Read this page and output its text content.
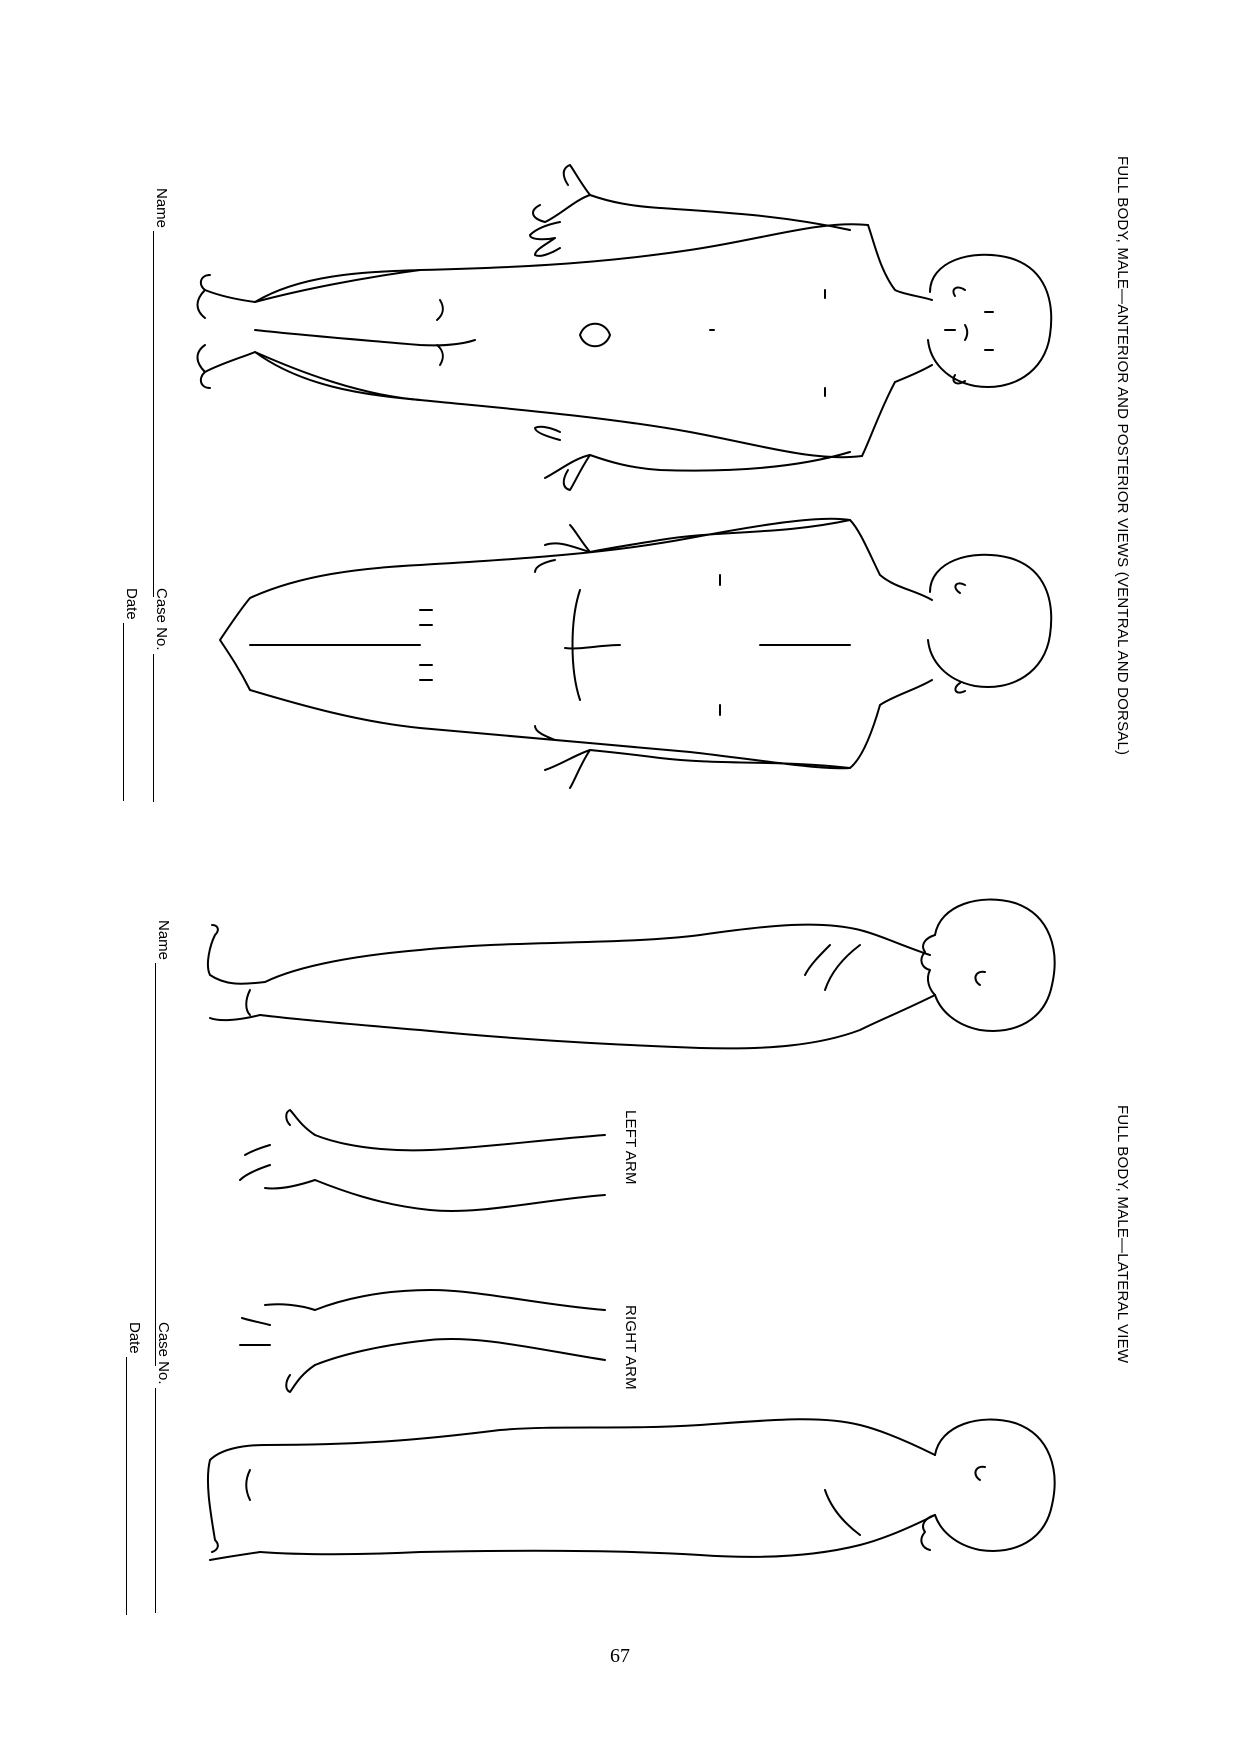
FULL BODY, MALE—ANTERIOR AND POSTERIOR VIEWS (VENTRAL AND DORSAL)
FULL BODY, MALE—LATERAL VIEW
LEFT ARM
RIGHT ARM
Name
Case No.
Date
Name
Case No.
Date
67
